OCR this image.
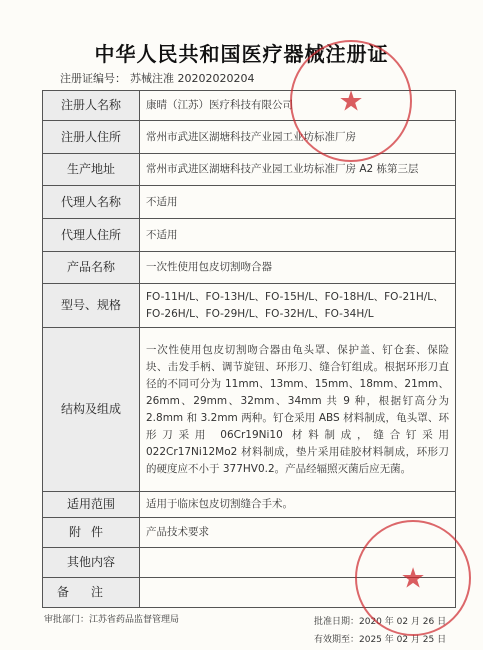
中华人民共和国医疗器械注册证
注册证编号： 苏械注准 20202020204
注册人名称	康晴（江苏）医疗科技有限公司
注册人住所	常州市武进区湖塘科技产业园工业坊标准厂房
生产地址	常州市武进区湖塘科技产业园工业坊标准厂房 A2 栋第三层
代理人名称	不适用
代理人住所	不适用
产品名称	一次性使用包皮切割吻合器
型号、规格	FO-11H/L、FO-13H/L、FO-15H/L、FO-18H/L、FO-21H/L、FO-26H/L、FO-29H/L、FO-32H/L、FO-34H/L
结构及组成	一次性使用包皮切割吻合器由龟头罩、保护盖、钉仓套、保险块、击发手柄、调节旋钮、环形刀、缝合钉组成。根据环形刀直径的不同可分为 11mm、13mm、15mm、18mm、21mm、26mm、29mm、32mm、34mm 共 9 种，根据钉高分为 2.8mm 和 3.2mm 两种。钉仓采用 ABS 材料制成，龟头罩、环形刀采用 06Cr19Ni10 材料制成，缝合钉采用 022Cr17Ni12Mo2 材料制成，垫片采用硅胶材料制成，环形刀的硬度应不小于 377HV0.2。产品经辐照灭菌后应无菌。
适用范围	适用于临床包皮切割缝合手术。
附件	产品技术要求
其他内容	
备注	
审批部门：江苏省药品监督管理局	批准日期：2020 年 02 月 26 日
有效期至：2025 年 02 月 25 日
★
★
